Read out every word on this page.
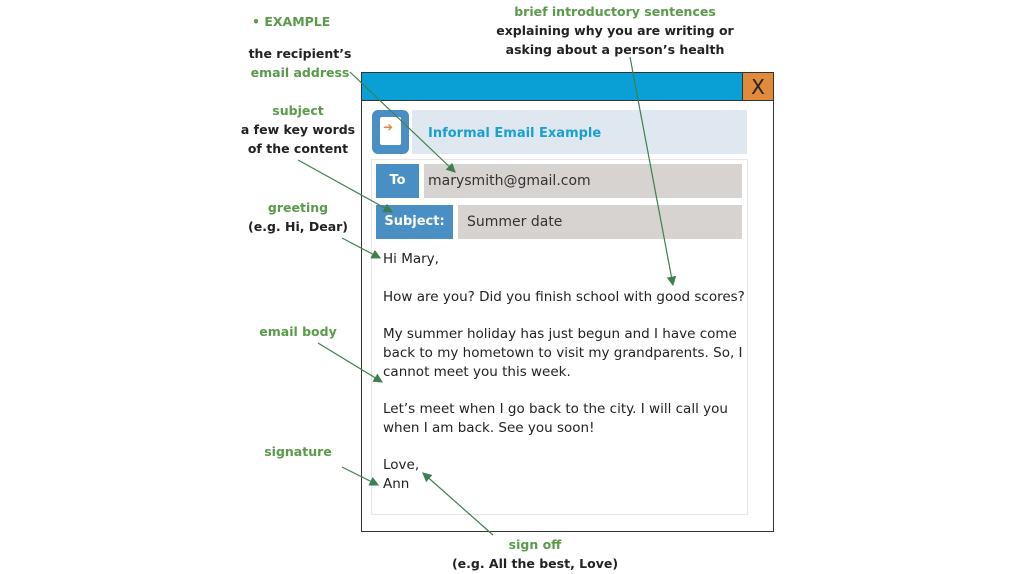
• EXAMPLE
the recipient’s
email address
subject
a few key words
of the content
greeting
(e.g. Hi, Dear)
email body
signature
sign off
(e.g. All the best, Love)
brief introductory sentences
explaining why you are writing or
asking about a person’s health
X
➜	Informal Email Example
To	marysmith@gmail.com
Subject:	Summer date
Hi Mary,
How are you? Did you finish school with good scores?
My summer holiday has just begun and I have come
back to my hometown to visit my grandparents. So, I
cannot meet you this week.
Let’s meet when I go back to the city. I will call you
when I am back. See you soon!
Love,
Ann
